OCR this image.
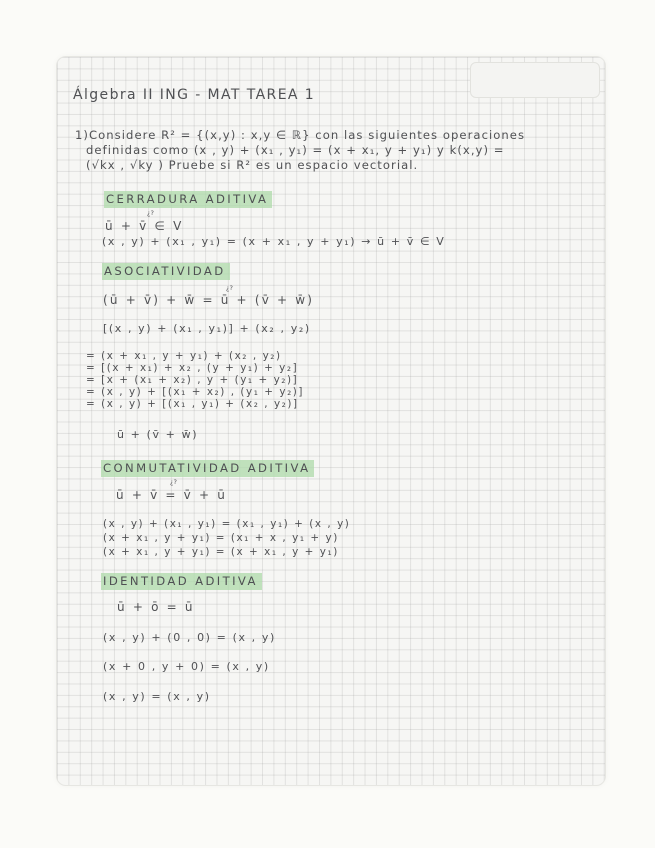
Álgebra II ING - MAT TAREA 1
1)Considere R² = {(x,y) : x,y ∈ ℝ} con las siguientes operaciones
definidas como (x , y) + (x₁ , y₁) = (x + x₁, y + y₁) y k(x,y) =
(√kx , √ky ) Pruebe si R² es un espacio vectorial.
CERRADURA ADITIVA
¿?
ū + v̄ ∈ V
(x , y) + (x₁ , y₁) = (x + x₁ , y + y₁) → ū + v̄ ∈ V
ASOCIATIVIDAD
¿?
(ū + v̄) + w̄ = ū + (v̄ + w̄)
[(x , y) + (x₁ , y₁)] + (x₂ , y₂)
= (x + x₁ , y + y₁) + (x₂ , y₂)
= [(x + x₁) + x₂ , (y + y₁) + y₂]
= [x + (x₁ + x₂) , y + (y₁ + y₂)]
= (x , y) + [(x₁ + x₂) , (y₁ + y₂)]
= (x , y) + [(x₁ , y₁) + (x₂ , y₂)]
ū + (v̄ + w̄)
CONMUTATIVIDAD ADITIVA
¿?
ū + v̄ = v̄ + ū
(x , y) + (x₁ , y₁) = (x₁ , y₁) + (x , y)
(x + x₁ , y + y₁) = (x₁ + x , y₁ + y)
(x + x₁ , y + y₁) = (x + x₁ , y + y₁)
IDENTIDAD ADITIVA
ū + ō = ū
(x , y) + (0 , 0) = (x , y)
(x + 0 , y + 0) = (x , y)
(x , y) = (x , y)
